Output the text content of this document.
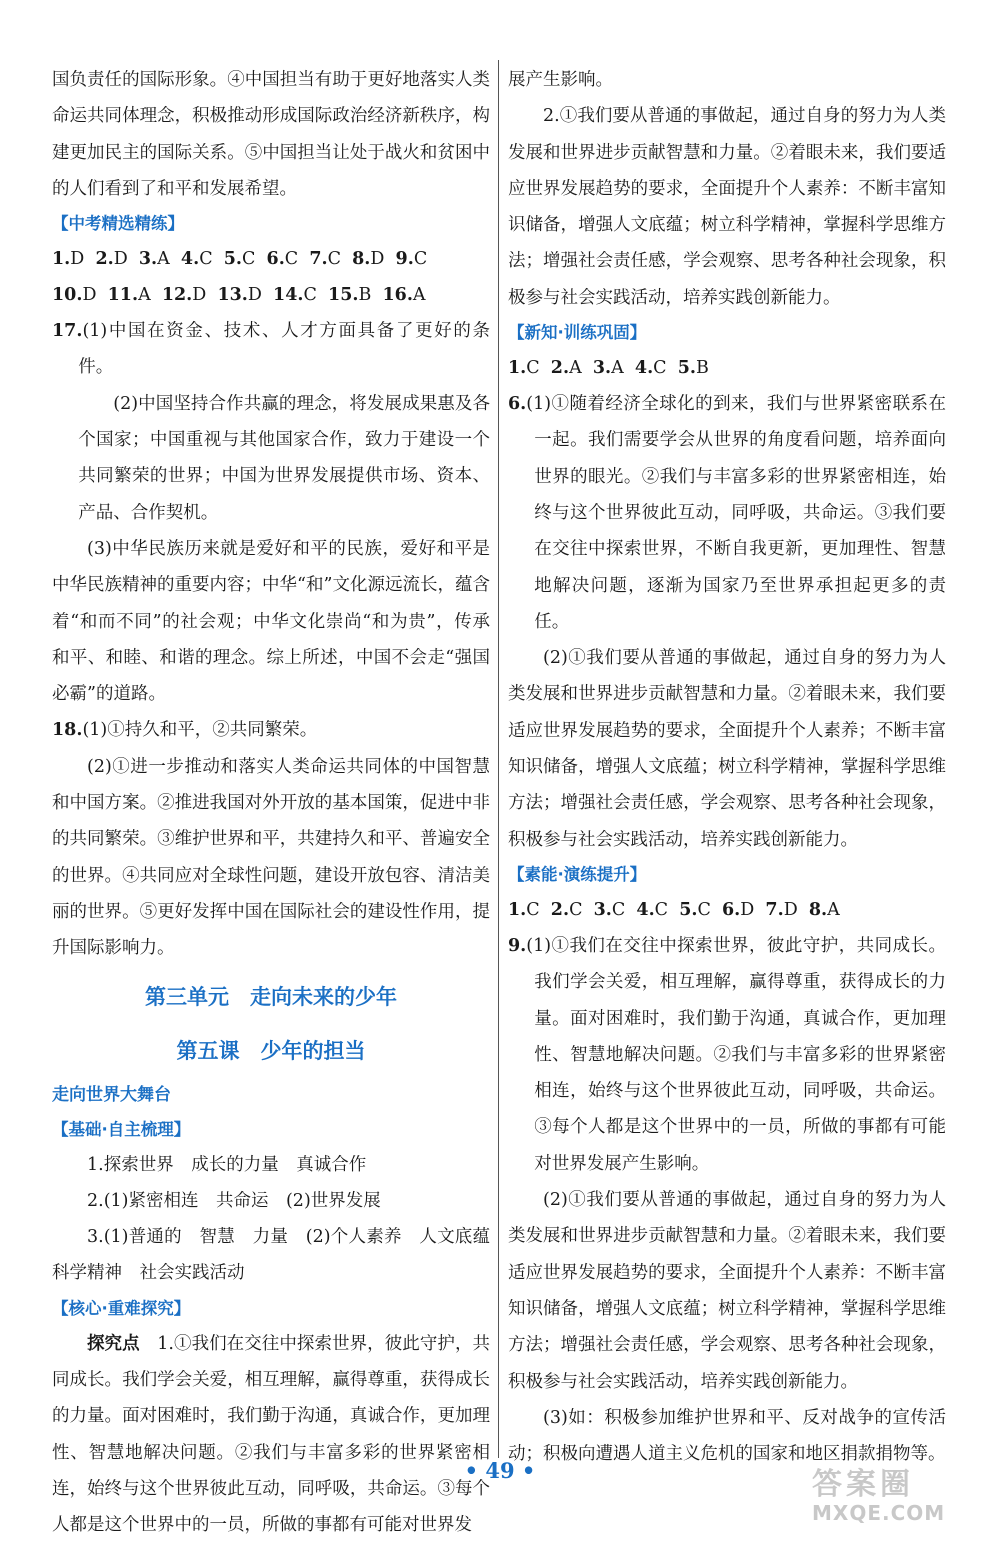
国负责任的国际形象。④中国担当有助于更好地落实人类命运共同体理念，积极推动形成国际政治经济新秩序，构建更加民主的国际关系。⑤中国担当让处于战火和贫困中的人们看到了和平和发展希望。

【中考精选精练】
1.D  2.D  3.A  4.C  5.C  6.C  7.C  8.D  9.C
10.D  11.A  12.D  13.D  14.C  15.B  16.A
17.(1)中国在资金、技术、人才方面具备了更好的条件。

(2)中国坚持合作共赢的理念，将发展成果惠及各个国家；中国重视与其他国家合作，致力于建设一个共同繁荣的世界；中国为世界发展提供市场、资本、产品、合作契机。

(3)中华民族历来就是爱好和平的民族，爱好和平是中华民族精神的重要内容；中华“和”文化源远流长，蕴含着“和而不同”的社会观；中华文化崇尚“和为贵”，传承和平、和睦、和谐的理念。综上所述，中国不会走“强国必霸”的道路。

18.(1)①持久和平，②共同繁荣。

(2)①进一步推动和落实人类命运共同体的中国智慧和中国方案。②推进我国对外开放的基本国策，促进中非的共同繁荣。③维护世界和平，共建持久和平、普遍安全的世界。④共同应对全球性问题，建设开放包容、清洁美丽的世界。⑤更好发挥中国在国际社会的建设性作用，提升国际影响力。

第三单元　走向未来的少年
第五课　少年的担当
走向世界大舞台
【基础·自主梳理】

1.探索世界　成长的力量　真诚合作

2.(1)紧密相连　共命运　(2)世界发展

3.(1)普通的　智慧　力量　(2)个人素养　人文底蕴　科学精神　社会实践活动

【核心·重难探究】

探究点　 1.①我们在交往中探索世界，彼此守护，共同成长。我们学会关爱，相互理解，赢得尊重，获得成长的力量。面对困难时，我们勤于沟通，真诚合作，更加理性、智慧地解决问题。②我们与丰富多彩的世界紧密相连，始终与这个世界彼此互动，同呼吸，共命运。③每个人都是这个世界中的一员，所做的事都有可能对世界发

展产生影响。

2.①我们要从普通的事做起，通过自身的努力为人类发展和世界进步贡献智慧和力量。②着眼未来，我们要适应世界发展趋势的要求，全面提升个人素养：不断丰富知识储备，增强人文底蕴；树立科学精神，掌握科学思维方法；增强社会责任感，学会观察、思考各种社会现象，积极参与社会实践活动，培养实践创新能力。

【新知·训练巩固】
1.C  2.A  3.A  4.C  5.B
6.(1)①随着经济全球化的到来，我们与世界紧密联系在一起。我们需要学会从世界的角度看问题，培养面向世界的眼光。②我们与丰富多彩的世界紧密相连，始终与这个世界彼此互动，同呼吸，共命运。③我们要在交往中探索世界，不断自我更新，更加理性、智慧地解决问题，逐渐为国家乃至世界承担起更多的责任。

(2)①我们要从普通的事做起，通过自身的努力为人类发展和世界进步贡献智慧和力量。②着眼未来，我们要适应世界发展趋势的要求，全面提升个人素养；不断丰富知识储备，增强人文底蕴；树立科学精神，掌握科学思维方法；增强社会责任感，学会观察、思考各种社会现象，积极参与社会实践活动，培养实践创新能力。

【素能·演练提升】
1.C  2.C  3.C  4.C  5.C  6.D  7.D  8.A
9.(1)①我们在交往中探索世界，彼此守护，共同成长。我们学会关爱，相互理解，赢得尊重，获得成长的力量。面对困难时，我们勤于沟通，真诚合作，更加理性、智慧地解决问题。②我们与丰富多彩的世界紧密相连，始终与这个世界彼此互动，同呼吸，共命运。③每个人都是这个世界中的一员，所做的事都有可能对世界发展产生影响。

(2)①我们要从普通的事做起，通过自身的努力为人类发展和世界进步贡献智慧和力量。②着眼未来，我们要适应世界发展趋势的要求，全面提升个人素养：不断丰富知识储备，增强人文底蕴；树立科学精神，掌握科学思维方法；增强社会责任感，学会观察、思考各种社会现象，积极参与社会实践活动，培养实践创新能力。

(3)如：积极参加维护世界和平、反对战争的宣传活动；积极向遭遇人道主义危机的国家和地区捐款捐物等。

• 49 •	答案圈
MXQE.COM
